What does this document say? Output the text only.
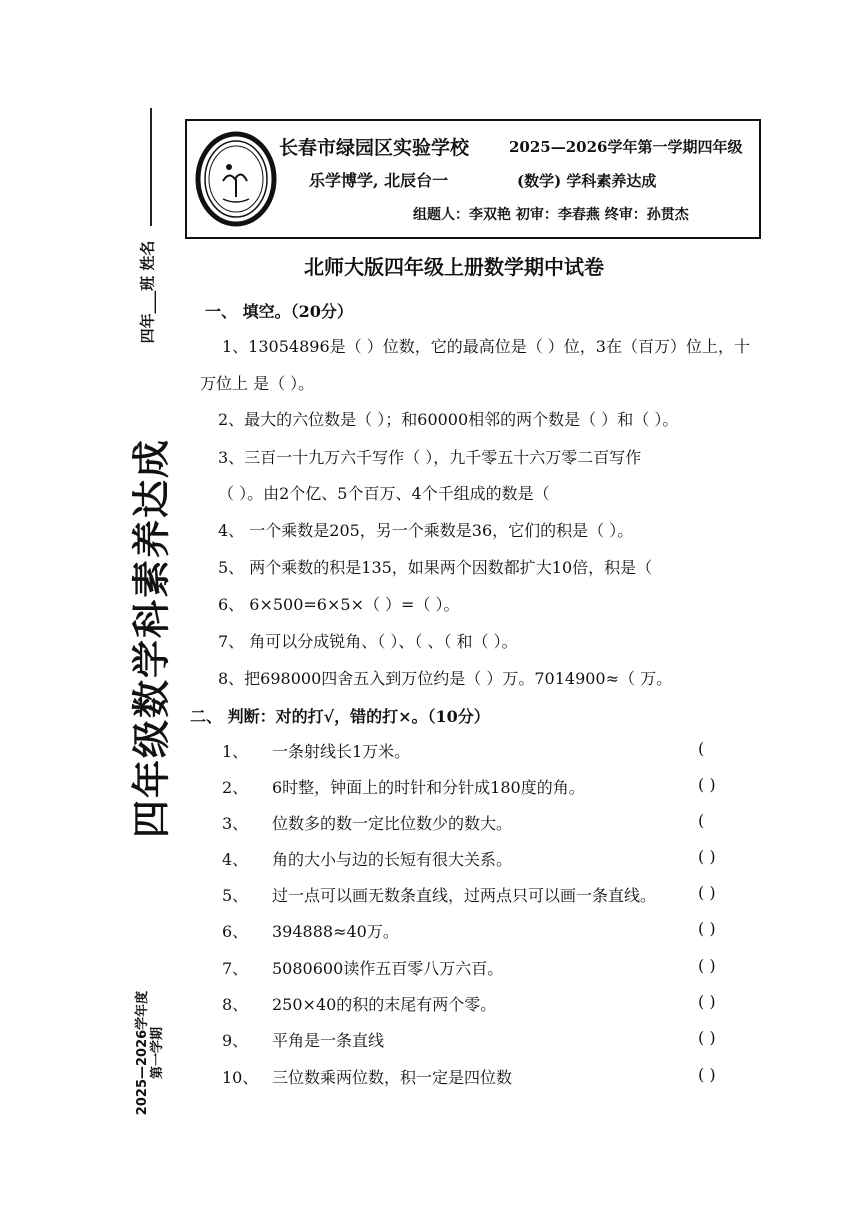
四年___班 姓名
四年级数学科素养达成
2025—2026学年度 第一学期
长春市绿园区实验学校	2025—2026学年第一学期四年级
乐学博学, 北辰台一	(数学) 学科素养达成
组题人：李双艳 初审：李春燕 终审：孙贯杰
北师大版四年级上册数学期中试卷
一、 填空。（20分）
1、13054896是（ ）位数，它的最高位是（ ）位，3在（百万）位上，十
万位上 是（ ）。
2、最大的六位数是（ ）；和60000相邻的两个数是（ ）和（ ）。
3、三百一十九万六千写作（ ），九千零五十六万零二百写作
（ ）。由2个亿、5个百万、4个千组成的数是（
4、 一个乘数是205，另一个乘数是36，它们的积是（ ）。
5、 两个乘数的积是135，如果两个因数都扩大10倍，积是（
6、 6×500=6×5×（ ）=（ ）。
7、 角可以分成锐角、（ ）、（ 、（ 和（ ）。
8、把698000四舍五入到万位约是（ ）万。7014900≈（ 万。
二、 判断：对的打√，错的打×。（10分）
1、 一条射线长1万米。	(
2、 6时整，钟面上的时针和分针成180度的角。	( )
3、 位数多的数一定比位数少的数大。	(
4、 角的大小与边的长短有很大关系。	( )
5、 过一点可以画无数条直线，过两点只可以画一条直线。	( )
6、 394888≈40万。	( )
7、 5080600读作五百零八万六百。	( )
8、 250×40的积的末尾有两个零。	( )
9、 平角是一条直线	( )
10、 三位数乘两位数，积一定是四位数	( )
